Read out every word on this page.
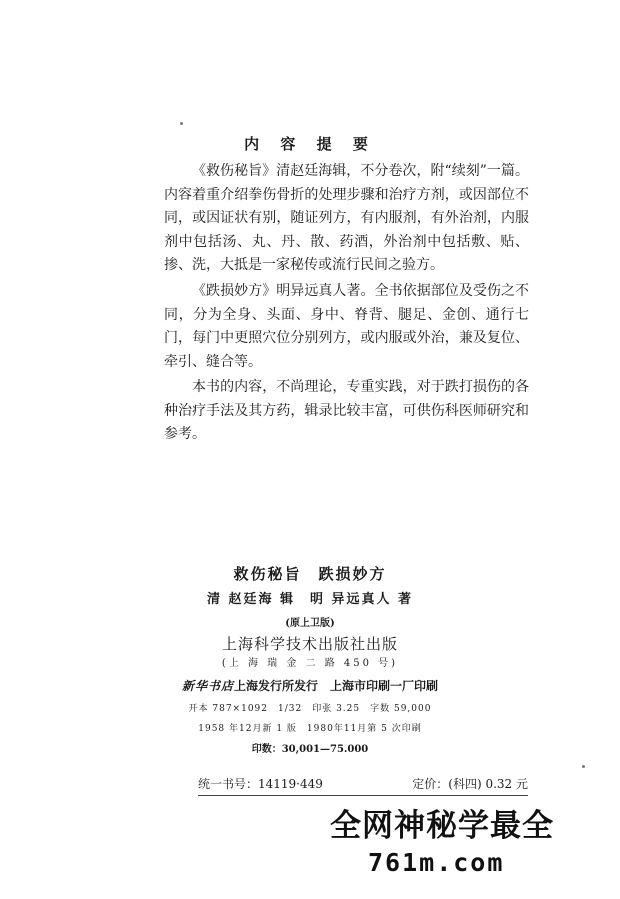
内 容 提 要

《救伤秘旨》清赵廷海辑，不分卷次，附“续刻”一篇。内容着重介绍拳伤骨折的处理步骤和治疗方剂，或因部位不同，或因证状有别，随证列方，有内服剂，有外治剂，内服剂中包括汤、丸、丹、散、药酒，外治剂中包括敷、贴、掺、洗，大抵是一家秘传或流行民间之验方。

《跌损妙方》明异远真人著。全书依据部位及受伤之不同，分为全身、头面、身中、脊背、腿足、金创、通行七门，每门中更照穴位分别列方，或内服或外治，兼及复位、牵引、缝合等。

本书的内容，不尚理论，专重实践，对于跌打损伤的各种治疗手法及其方药，辑录比较丰富，可供伤科医师研究和参考。

救伤秘旨　跌损妙方
清 赵廷海 辑　明 异远真人 著
(原上卫版)
上海科学技术出版社出版
(上 海 瑞 金 二 路 450 号)
新华书店上海发行所发行　上海市印刷一厂印刷
开本 787×1092　1/32　印张 3.25　字数 59,000
1958 年12月新 1 版　1980年11月第 5 次印刷
印数：30,001—75.000
统一书号：14119·449	定价：(科四) 0.32 元
全网神秘学最全
761m.com
